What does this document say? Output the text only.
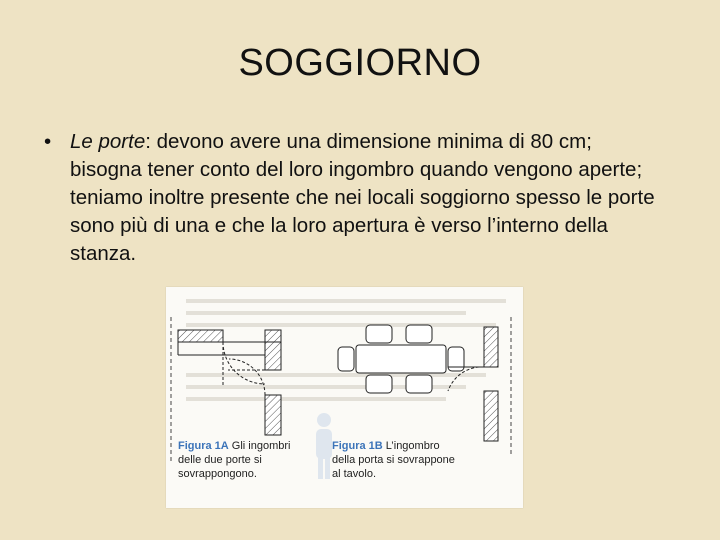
SOGGIORNO
• Le porte: devono avere una dimensione minima di 80 cm; bisogna tener conto del loro ingombro quando vengono aperte; teniamo inoltre presente che nei locali soggiorno spesso le porte sono più di una e che la loro apertura è verso l’interno della stanza.
Figura 1A Gli ingombri delle due porte si sovrappongono.
Figura 1B L’ingombro della porta si sovrappone al tavolo.
